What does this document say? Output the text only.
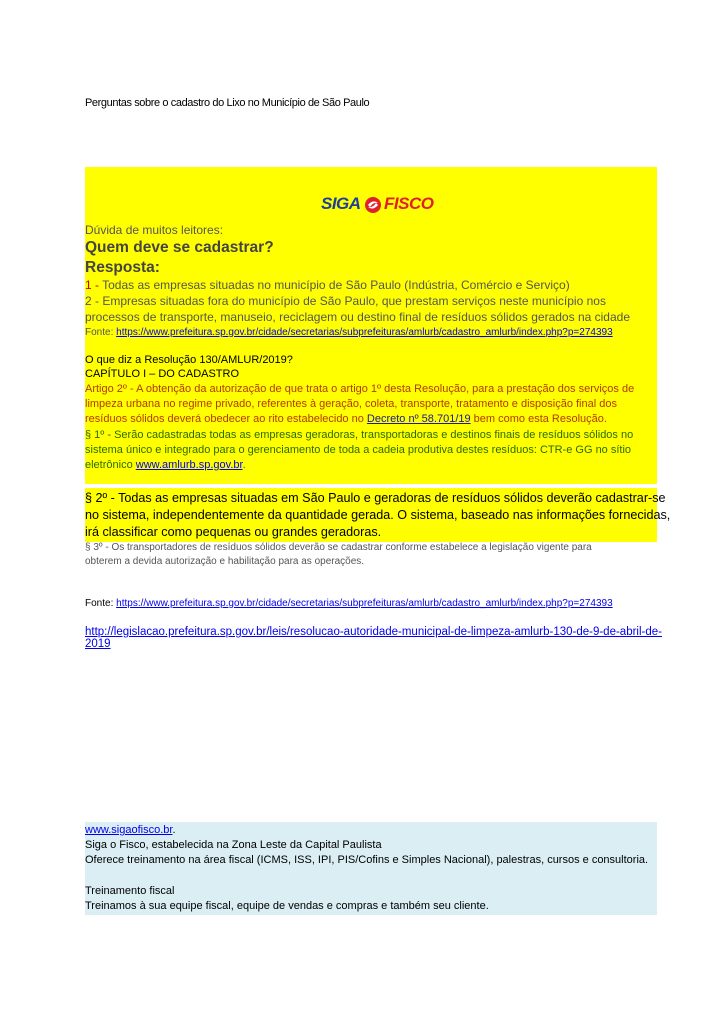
Perguntas sobre o cadastro do Lixo no Município de São Paulo
SIGA FISCO
Dúvida de muitos leitores:
Quem deve se cadastrar?
Resposta:
1 - Todas as empresas situadas no município de São Paulo (Indústria, Comércio e Serviço)
2 - Empresas situadas fora do município de São Paulo, que prestam serviços neste município nos
processos de transporte, manuseio, reciclagem ou destino final de resíduos sólidos gerados na cidade
Fonte: https://www.prefeitura.sp.gov.br/cidade/secretarias/subprefeituras/amlurb/cadastro_amlurb/index.php?p=274393
O que diz a Resolução 130/AMLUR/2019?
CAPÍTULO I – DO CADASTRO
Artigo 2º - A obtenção da autorização de que trata o artigo 1º desta Resolução, para a prestação dos serviços de
limpeza urbana no regime privado, referentes à geração, coleta, transporte, tratamento e disposição final dos
resíduos sólidos deverá obedecer ao rito estabelecido no Decreto nº 58.701/19 bem como esta Resolução.
§ 1º - Serão cadastradas todas as empresas geradoras, transportadoras e destinos finais de resíduos sólidos no
sistema único e integrado para o gerenciamento de toda a cadeia produtiva destes resíduos: CTR-e GG no sítio
eletrônico www.amlurb.sp.gov.br.
§ 2º - Todas as empresas situadas em São Paulo e geradoras de resíduos sólidos deverão cadastrar-se
no sistema, independentemente da quantidade gerada. O sistema, baseado nas informações fornecidas,
irá classificar como pequenas ou grandes geradoras.
§ 3º - Os transportadores de resíduos sólidos deverão se cadastrar conforme estabelece a legislação vigente para
obterem a devida autorização e habilitação para as operações.
Fonte: https://www.prefeitura.sp.gov.br/cidade/secretarias/subprefeituras/amlurb/cadastro_amlurb/index.php?p=274393
http://legislacao.prefeitura.sp.gov.br/leis/resolucao-autoridade-municipal-de-limpeza-amlurb-130-de-9-de-abril-de-
2019
www.sigaofisco.br.
Siga o Fisco, estabelecida na Zona Leste da Capital Paulista
Oferece treinamento na área fiscal (ICMS, ISS, IPI, PIS/Cofins e Simples Nacional), palestras, cursos e consultoria.
Treinamento fiscal
Treinamos à sua equipe fiscal, equipe de vendas e compras e também seu cliente.
